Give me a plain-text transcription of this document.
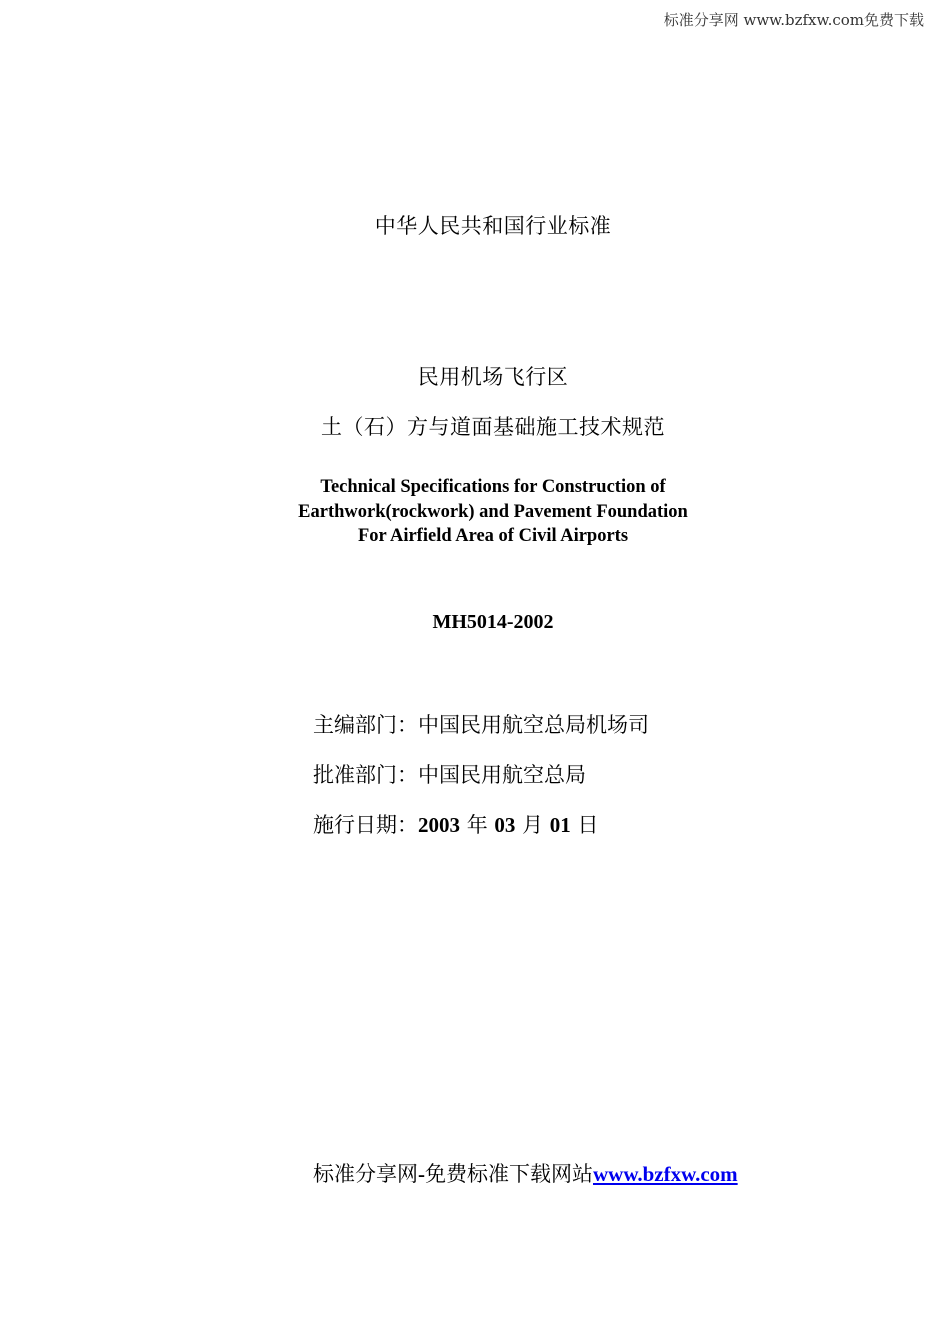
标准分享网 www.bzfxw.com免费下载
中华人民共和国行业标准
民用机场飞行区
土（石）方与道面基础施工技术规范
Technical Specifications for Construction of
Earthwork(rockwork) and Pavement Foundation
For Airfield Area of Civil Airports
MH5014-2002
主编部门：中国民用航空总局机场司
批准部门：中国民用航空总局
施行日期：2003 年 03 月 01 日
标准分享网-免费标准下载网站www.bzfxw.com
